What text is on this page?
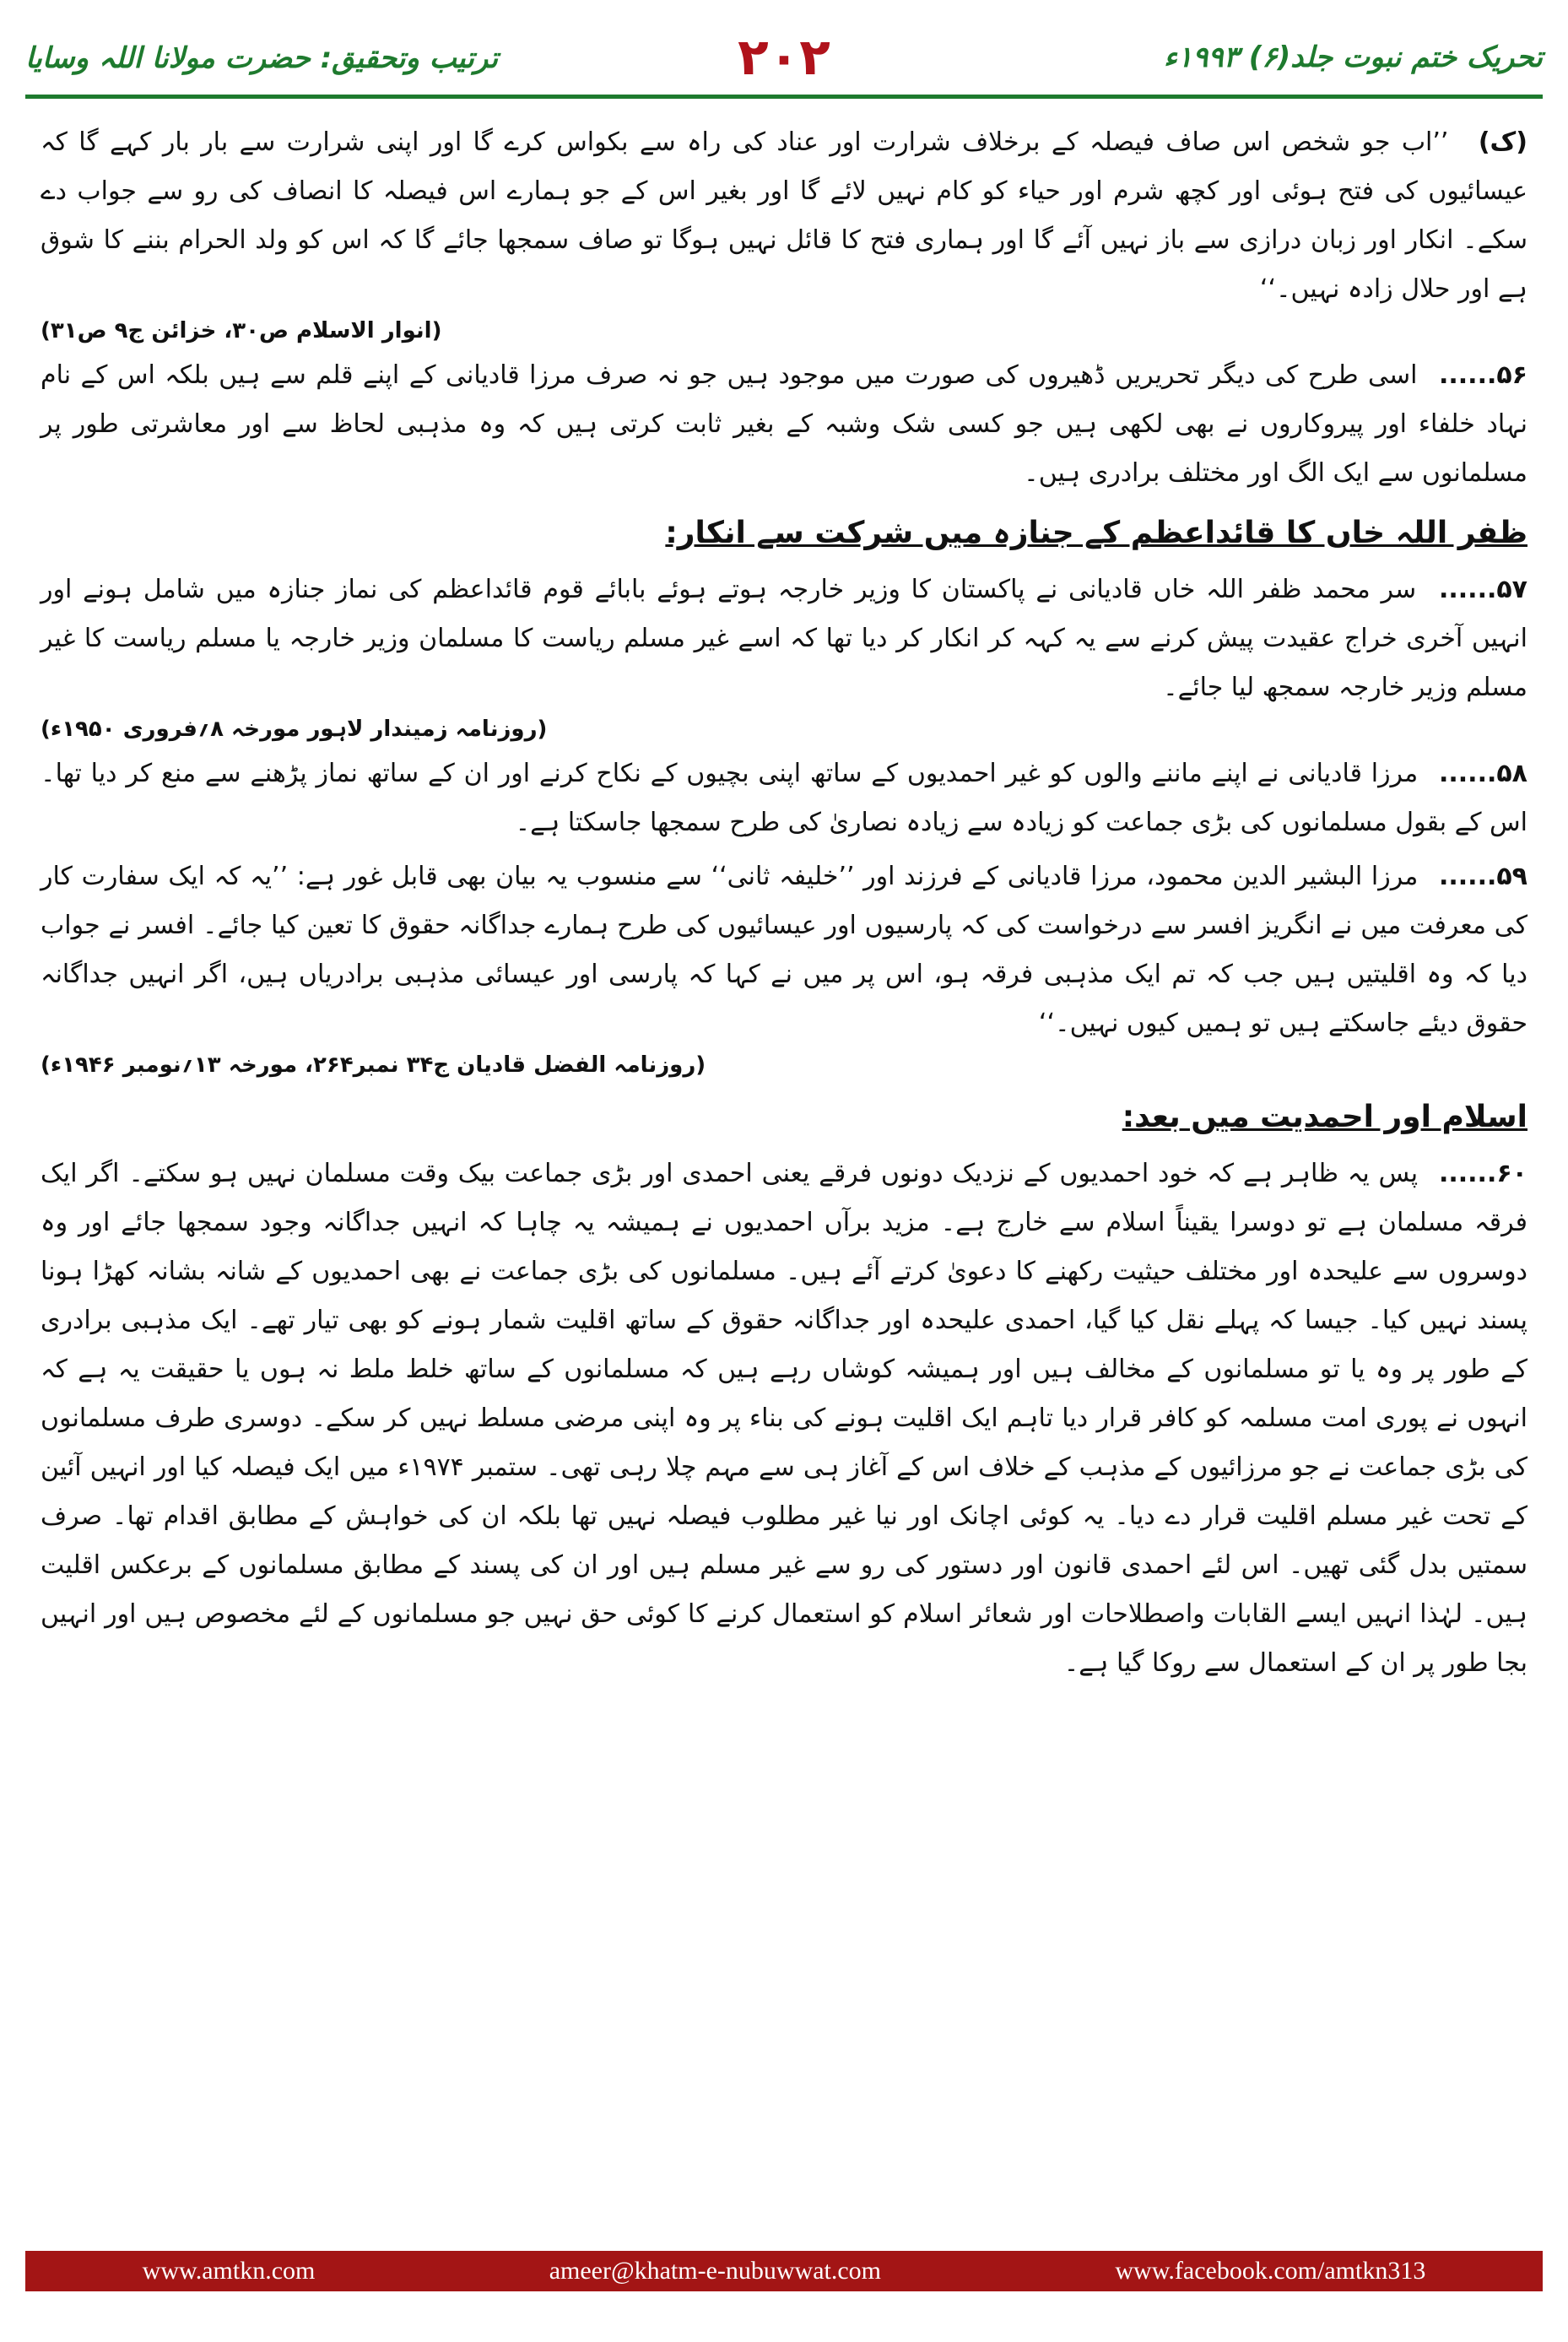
ترتیب وتحقیق: حضرت مولانا اللہ وسایا	۲۰۲	تحریک ختم نبوت جلد(۶) ۱۹۹۳ء

(ک) ’’اب جو شخص اس صاف فیصلہ کے برخلاف شرارت اور عناد کی راہ سے بکواس کرے گا اور اپنی شرارت سے بار بار کہے گا کہ عیسائیوں کی فتح ہوئی اور کچھ شرم اور حیاء کو کام نہیں لائے گا اور بغیر اس کے جو ہمارے اس فیصلہ کا انصاف کی رو سے جواب دے سکے۔ انکار اور زبان درازی سے باز نہیں آئے گا اور ہماری فتح کا قائل نہیں ہوگا تو صاف سمجھا جائے گا کہ اس کو ولد الحرام بننے کا شوق ہے اور حلال زادہ نہیں۔‘‘

(انوار الاسلام ص۳۰، خزائن ج۹ ص۳۱)

۵۶...... اسی طرح کی دیگر تحریریں ڈھیروں کی صورت میں موجود ہیں جو نہ صرف مرزا قادیانی کے اپنے قلم سے ہیں بلکہ اس کے نام نہاد خلفاء اور پیروکاروں نے بھی لکھی ہیں جو کسی شک وشبہ کے بغیر ثابت کرتی ہیں کہ وہ مذہبی لحاظ سے اور معاشرتی طور پر مسلمانوں سے ایک الگ اور مختلف برادری ہیں۔

ظفر اللہ خاں کا قائداعظم کے جنازہ میں شرکت سے انکار:

۵۷...... سر محمد ظفر اللہ خاں قادیانی نے پاکستان کا وزیر خارجہ ہوتے ہوئے بابائے قوم قائداعظم کی نماز جنازہ میں شامل ہونے اور انہیں آخری خراج عقیدت پیش کرنے سے یہ کہہ کر انکار کر دیا تھا کہ اسے غیر مسلم ریاست کا مسلمان وزیر خارجہ یا مسلم ریاست کا غیر مسلم وزیر خارجہ سمجھ لیا جائے۔

(روزنامہ زمیندار لاہور مورخہ ۸؍فروری ۱۹۵۰ء)

۵۸...... مرزا قادیانی نے اپنے ماننے والوں کو غیر احمدیوں کے ساتھ اپنی بچیوں کے نکاح کرنے اور ان کے ساتھ نماز پڑھنے سے منع کر دیا تھا۔ اس کے بقول مسلمانوں کی بڑی جماعت کو زیادہ سے زیادہ نصاریٰ کی طرح سمجھا جاسکتا ہے۔

۵۹...... مرزا البشیر الدین محمود، مرزا قادیانی کے فرزند اور ’’خلیفہ ثانی‘‘ سے منسوب یہ بیان بھی قابل غور ہے: ’’یہ کہ ایک سفارت کار کی معرفت میں نے انگریز افسر سے درخواست کی کہ پارسیوں اور عیسائیوں کی طرح ہمارے جداگانہ حقوق کا تعین کیا جائے۔ افسر نے جواب دیا کہ وہ اقلیتیں ہیں جب کہ تم ایک مذہبی فرقہ ہو، اس پر میں نے کہا کہ پارسی اور عیسائی مذہبی برادریاں ہیں، اگر انہیں جداگانہ حقوق دیئے جاسکتے ہیں تو ہمیں کیوں نہیں۔‘‘

(روزنامہ الفضل قادیان ج۳۴ نمبر۲۶۴، مورخہ ۱۳؍نومبر ۱۹۴۶ء)
اسلام اور احمدیت میں بعد:

۶۰...... پس یہ ظاہر ہے کہ خود احمدیوں کے نزدیک دونوں فرقے یعنی احمدی اور بڑی جماعت بیک وقت مسلمان نہیں ہو سکتے۔ اگر ایک فرقہ مسلمان ہے تو دوسرا یقیناً اسلام سے خارج ہے۔ مزید برآں احمدیوں نے ہمیشہ یہ چاہا کہ انہیں جداگانہ وجود سمجھا جائے اور وہ دوسروں سے علیحدہ اور مختلف حیثیت رکھنے کا دعویٰ کرتے آئے ہیں۔ مسلمانوں کی بڑی جماعت نے بھی احمدیوں کے شانہ بشانہ کھڑا ہونا پسند نہیں کیا۔ جیسا کہ پہلے نقل کیا گیا، احمدی علیحدہ اور جداگانہ حقوق کے ساتھ اقلیت شمار ہونے کو بھی تیار تھے۔ ایک مذہبی برادری کے طور پر وہ یا تو مسلمانوں کے مخالف ہیں اور ہمیشہ کوشاں رہے ہیں کہ مسلمانوں کے ساتھ خلط ملط نہ ہوں یا حقیقت یہ ہے کہ انہوں نے پوری امت مسلمہ کو کافر قرار دیا تاہم ایک اقلیت ہونے کی بناء پر وہ اپنی مرضی مسلط نہیں کر سکے۔ دوسری طرف مسلمانوں کی بڑی جماعت نے جو مرزائیوں کے مذہب کے خلاف اس کے آغاز ہی سے مہم چلا رہی تھی۔ ستمبر ۱۹۷۴ء میں ایک فیصلہ کیا اور انہیں آئین کے تحت غیر مسلم اقلیت قرار دے دیا۔ یہ کوئی اچانک اور نیا غیر مطلوب فیصلہ نہیں تھا بلکہ ان کی خواہش کے مطابق اقدام تھا۔ صرف سمتیں بدل گئی تھیں۔ اس لئے احمدی قانون اور دستور کی رو سے غیر مسلم ہیں اور ان کی پسند کے مطابق مسلمانوں کے برعکس اقلیت ہیں۔ لہٰذا انہیں ایسے القابات واصطلاحات اور شعائر اسلام کو استعمال کرنے کا کوئی حق نہیں جو مسلمانوں کے لئے مخصوص ہیں اور انہیں بجا طور پر ان کے استعمال سے روکا گیا ہے۔

www.amtkn.com	ameer@khatm-e-nubuwwat.com	www.facebook.com/amtkn313
